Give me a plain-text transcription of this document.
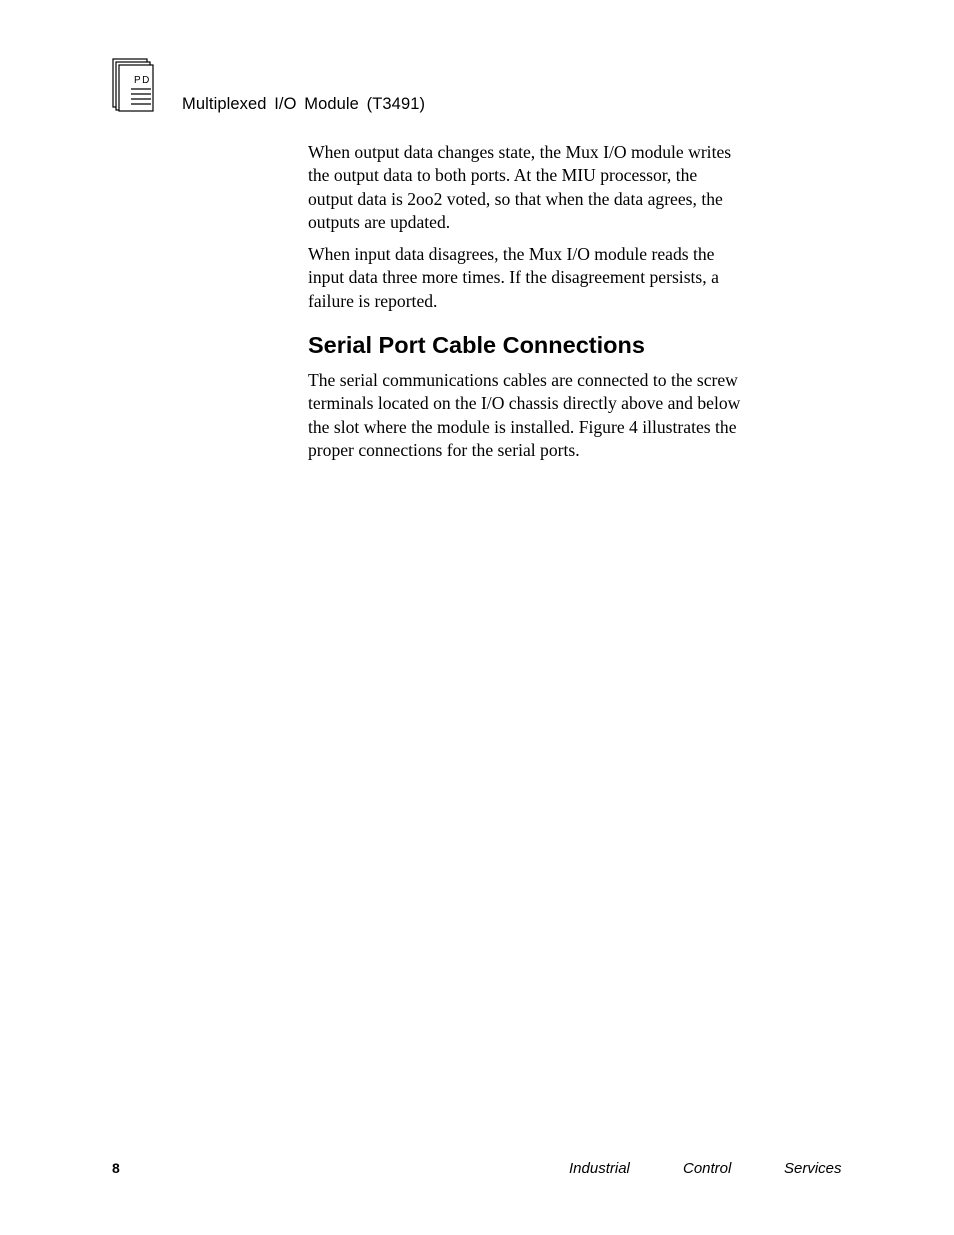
PD
Multiplexed I/O Module (T3491)

When output data changes state, the Mux I/O module writes
the output data to both ports. At the MIU processor, the
output data is 2oo2 voted, so that when the data agrees, the
outputs are updated.

When input data disagrees, the Mux I/O module reads the
input data three more times. If the disagreement persists, a
failure is reported.

Serial Port Cable Connections

The serial communications cables are connected to the screw
terminals located on the I/O chassis directly above and below
the slot where the module is installed. Figure 4 illustrates the
proper connections for the serial ports.

8	Industrial	Control	Services
